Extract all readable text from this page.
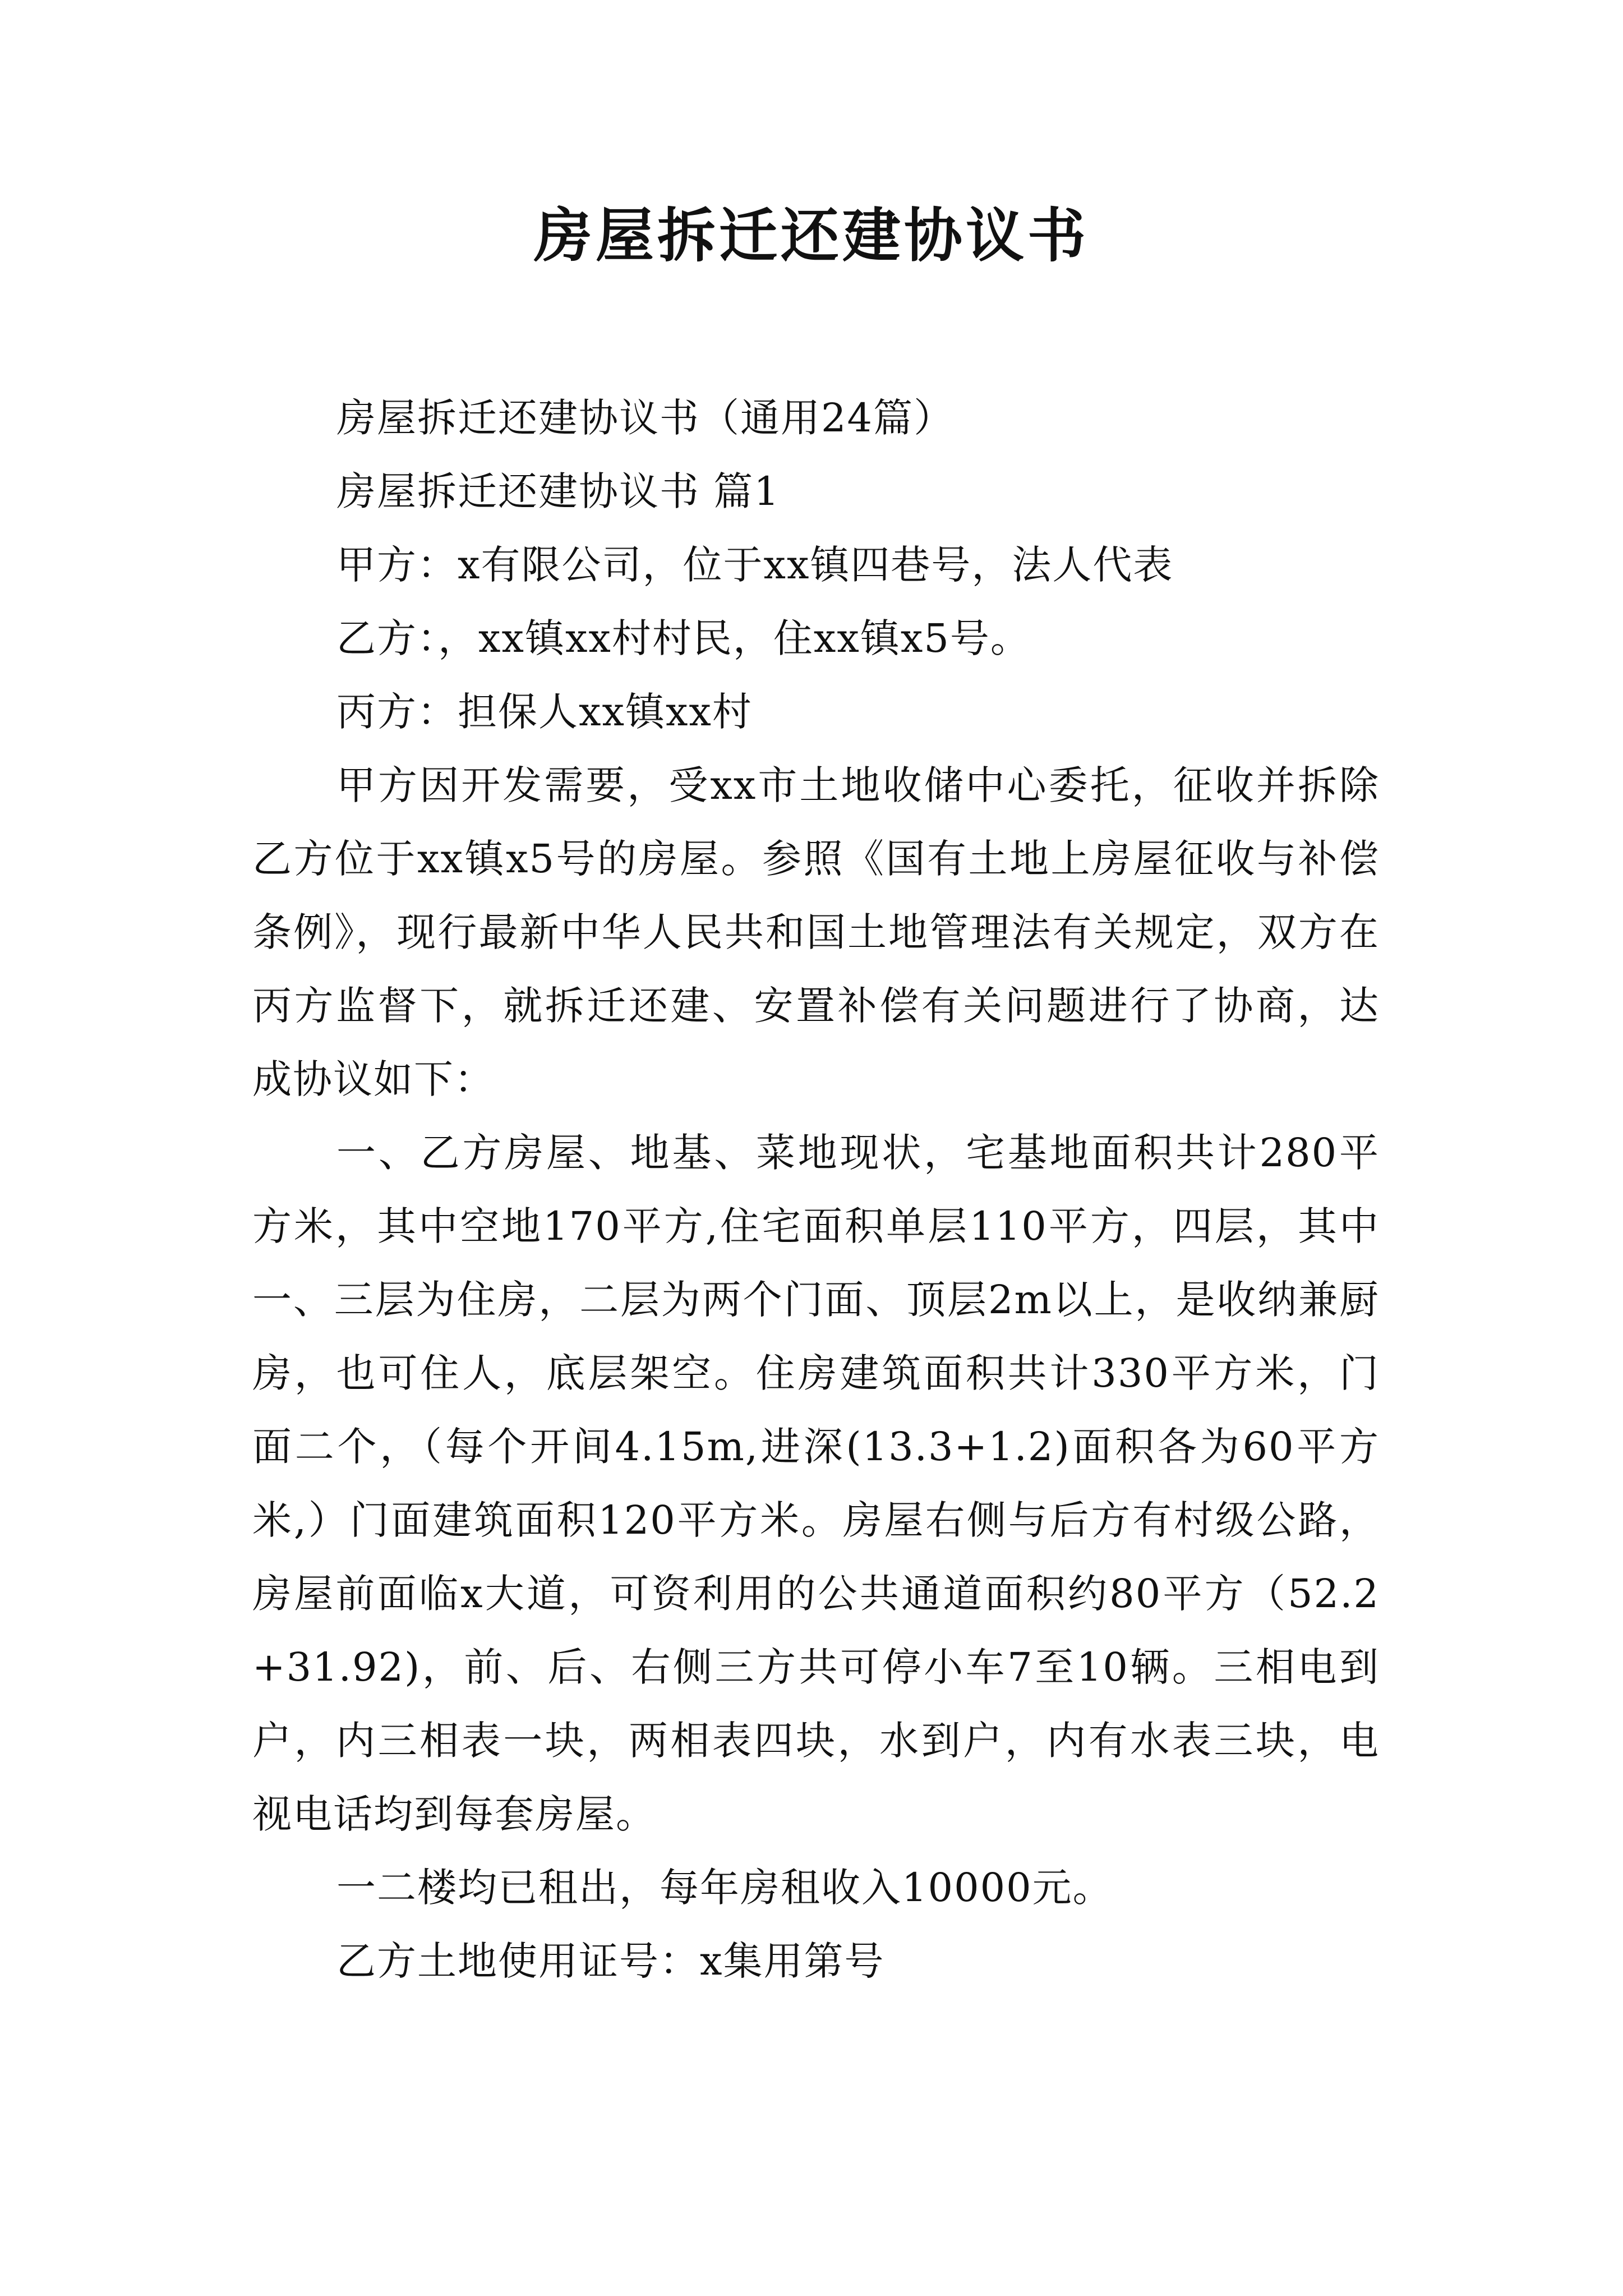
房屋拆迁还建协议书

房屋拆迁还建协议书（通用24篇）

房屋拆迁还建协议书 篇1

甲方：x有限公司，位于xx镇四巷号，法人代表

乙方：，xx镇xx村村民，住xx镇x5号。

丙方：担保人xx镇xx村

甲方因开发需要，受xx市土地收储中心委托，征收并拆除乙方位于xx镇x5号的房屋。参照《国有土地上房屋征收与补偿条例》，现行最新中华人民共和国土地管理法有关规定，双方在丙方监督下，就拆迁还建、安置补偿有关问题进行了协商，达成协议如下：

一、乙方房屋、地基、菜地现状，宅基地面积共计280平方米，其中空地170平方,住宅面积单层110平方，四层，其中一、三层为住房，二层为两个门面、顶层2m以上，是收纳兼厨房，也可住人，底层架空。住房建筑面积共计330平方米，门面二个，（每个开间4.15m,进深(13.3+1.2)面积各为60平方米,）门面建筑面积120平方米。房屋右侧与后方有村级公路，房屋前面临x大道，可资利用的公共通道面积约80平方（52.2+31.92)，前、后、右侧三方共可停小车7至10辆。三相电到户，内三相表一块，两相表四块，水到户，内有水表三块，电视电话均到每套房屋。

一二楼均已租出，每年房租收入10000元。

乙方土地使用证号：x集用第号
